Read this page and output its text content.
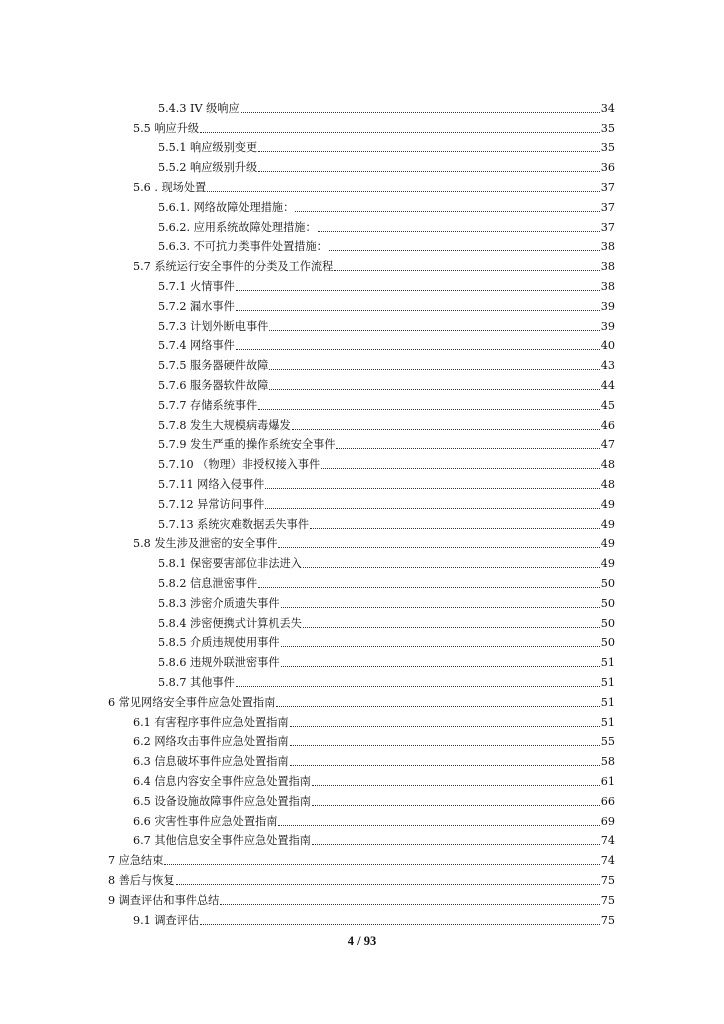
5.4.3 IV 级响应	34
5.5 响应升级	35
5.5.1 响应级别变更	35
5.5.2 响应级别升级	36
5.6 . 现场处置	37
5.6.1. 网络故障处理措施：	37
5.6.2. 应用系统故障处理措施：	37
5.6.3. 不可抗力类事件处置措施：	38
5.7 系统运行安全事件的分类及工作流程	38
5.7.1 火情事件	38
5.7.2 漏水事件	39
5.7.3 计划外断电事件	39
5.7.4 网络事件	40
5.7.5 服务器硬件故障	43
5.7.6 服务器软件故障	44
5.7.7 存储系统事件	45
5.7.8 发生大规模病毒爆发	46
5.7.9 发生严重的操作系统安全事件	47
5.7.10 （物理）非授权接入事件	48
5.7.11 网络入侵事件	48
5.7.12 异常访问事件	49
5.7.13 系统灾难数据丢失事件	49
5.8 发生涉及泄密的安全事件	49
5.8.1 保密要害部位非法进入	49
5.8.2 信息泄密事件	50
5.8.3 涉密介质遗失事件	50
5.8.4 涉密便携式计算机丢失	50
5.8.5 介质违规使用事件	50
5.8.6 违规外联泄密事件	51
5.8.7 其他事件	51
6 常见网络安全事件应急处置指南	51
6.1 有害程序事件应急处置指南	51
6.2 网络攻击事件应急处置指南	55
6.3 信息破坏事件应急处置指南	58
6.4 信息内容安全事件应急处置指南	61
6.5 设备设施故障事件应急处置指南	66
6.6 灾害性事件应急处置指南	69
6.7 其他信息安全事件应急处置指南	74
7 应急结束	74
8 善后与恢复	75
9 调查评估和事件总结	75
9.1 调查评估	75
4 / 93
